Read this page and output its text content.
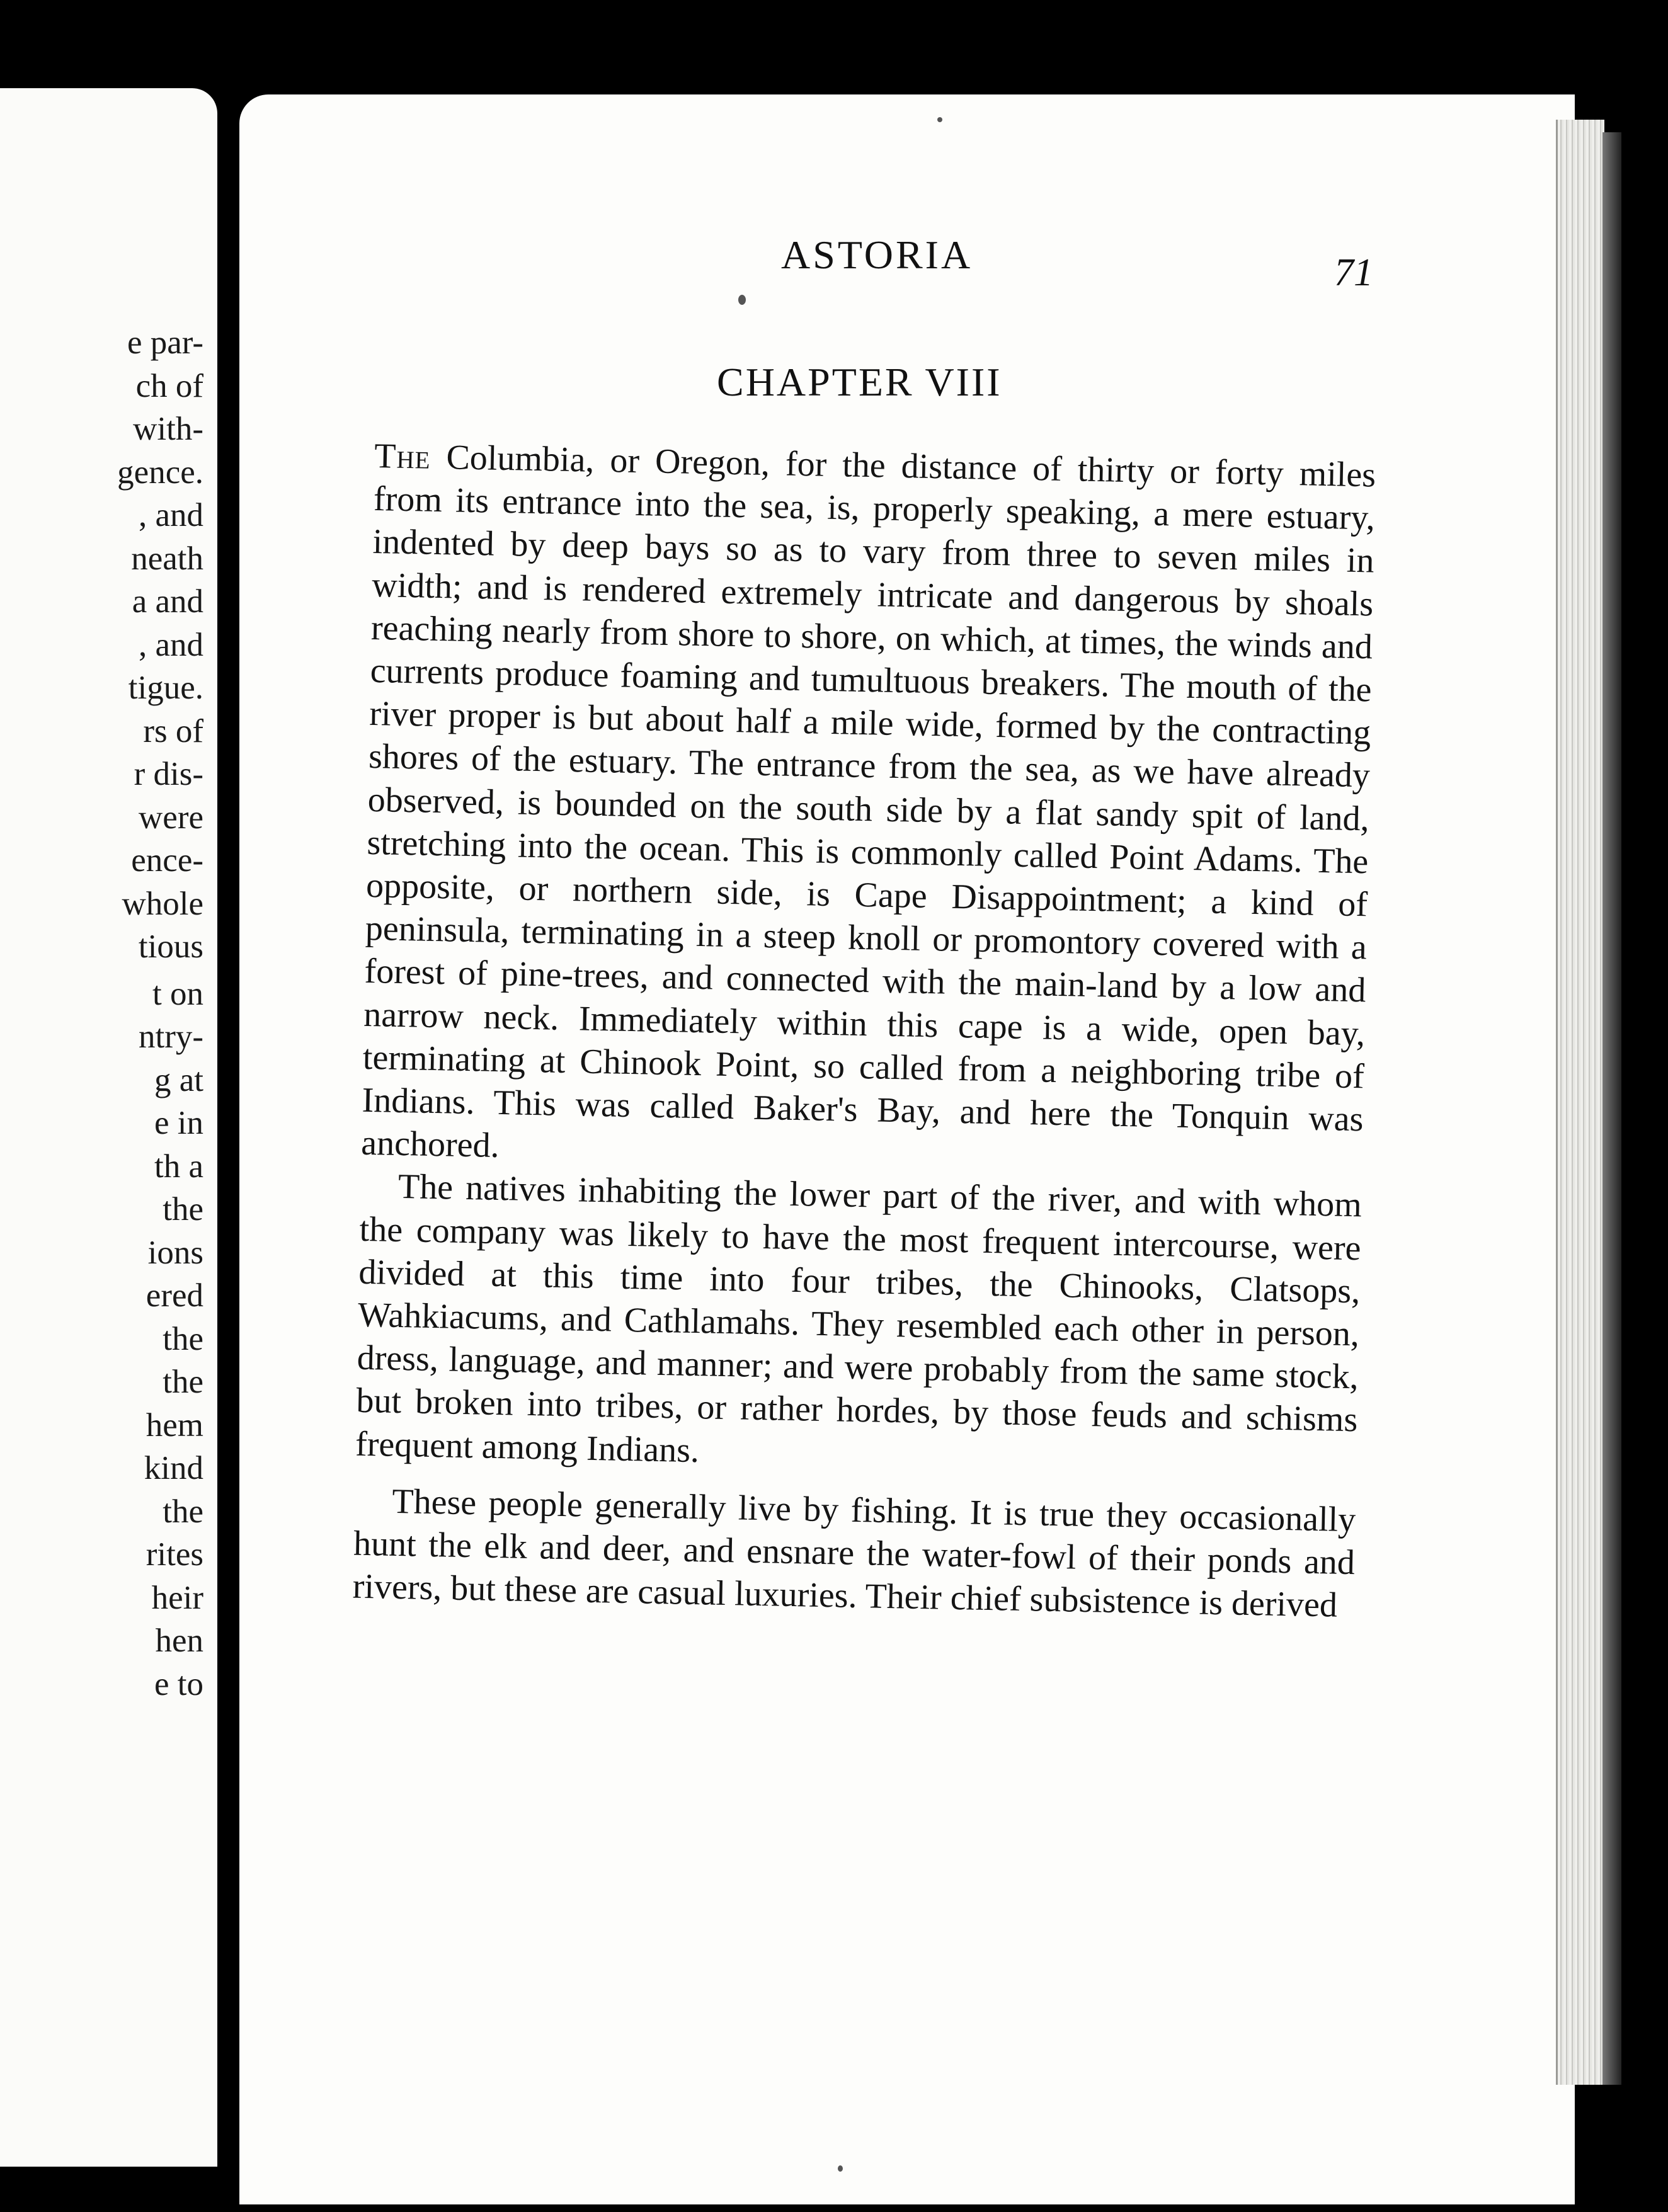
e par-
ch of
with-
gence.
, and
neath
a and
, and
tigue.
rs of
r dis-
were
ence-
whole
tious
t on
ntry-
g at
e in
th a
the
ions
ered
the
the
hem
kind
the
rites
heir
hen
e to
ASTORIA	71
CHAPTER VIII

The Columbia, or Oregon, for the distance of thirty or forty miles from its entrance into the sea, is, properly speaking, a mere estuary, indented by deep bays so as to vary from three to seven miles in width; and is rendered extremely intricate and dangerous by shoals reaching nearly from shore to shore, on which, at times, the winds and currents produce foaming and tumultuous breakers. The mouth of the river proper is but about half a mile wide, formed by the contracting shores of the estuary. The entrance from the sea, as we have already observed, is bounded on the south side by a flat sandy spit of land, stretching into the ocean. This is commonly called Point Adams. The opposite, or northern side, is Cape Disappointment; a kind of peninsula, terminating in a steep knoll or promontory covered with a forest of pine-trees, and connected with the main-land by a low and narrow neck. Immediately within this cape is a wide, open bay, terminating at Chinook Point, so called from a neighboring tribe of Indians. This was called Baker's Bay, and here the Tonquin was anchored.

The natives inhabiting the lower part of the river, and with whom the company was likely to have the most frequent intercourse, were divided at this time into four tribes, the Chinooks, Clatsops, Wahkiacums, and Cathlamahs. They resembled each other in person, dress, language, and manner; and were probably from the same stock, but broken into tribes, or rather hordes, by those feuds and schisms frequent among Indians.

These people generally live by fishing. It is true they occasionally hunt the elk and deer, and ensnare the water-fowl of their ponds and rivers, but these are casual luxuries. Their chief subsistence is derived
